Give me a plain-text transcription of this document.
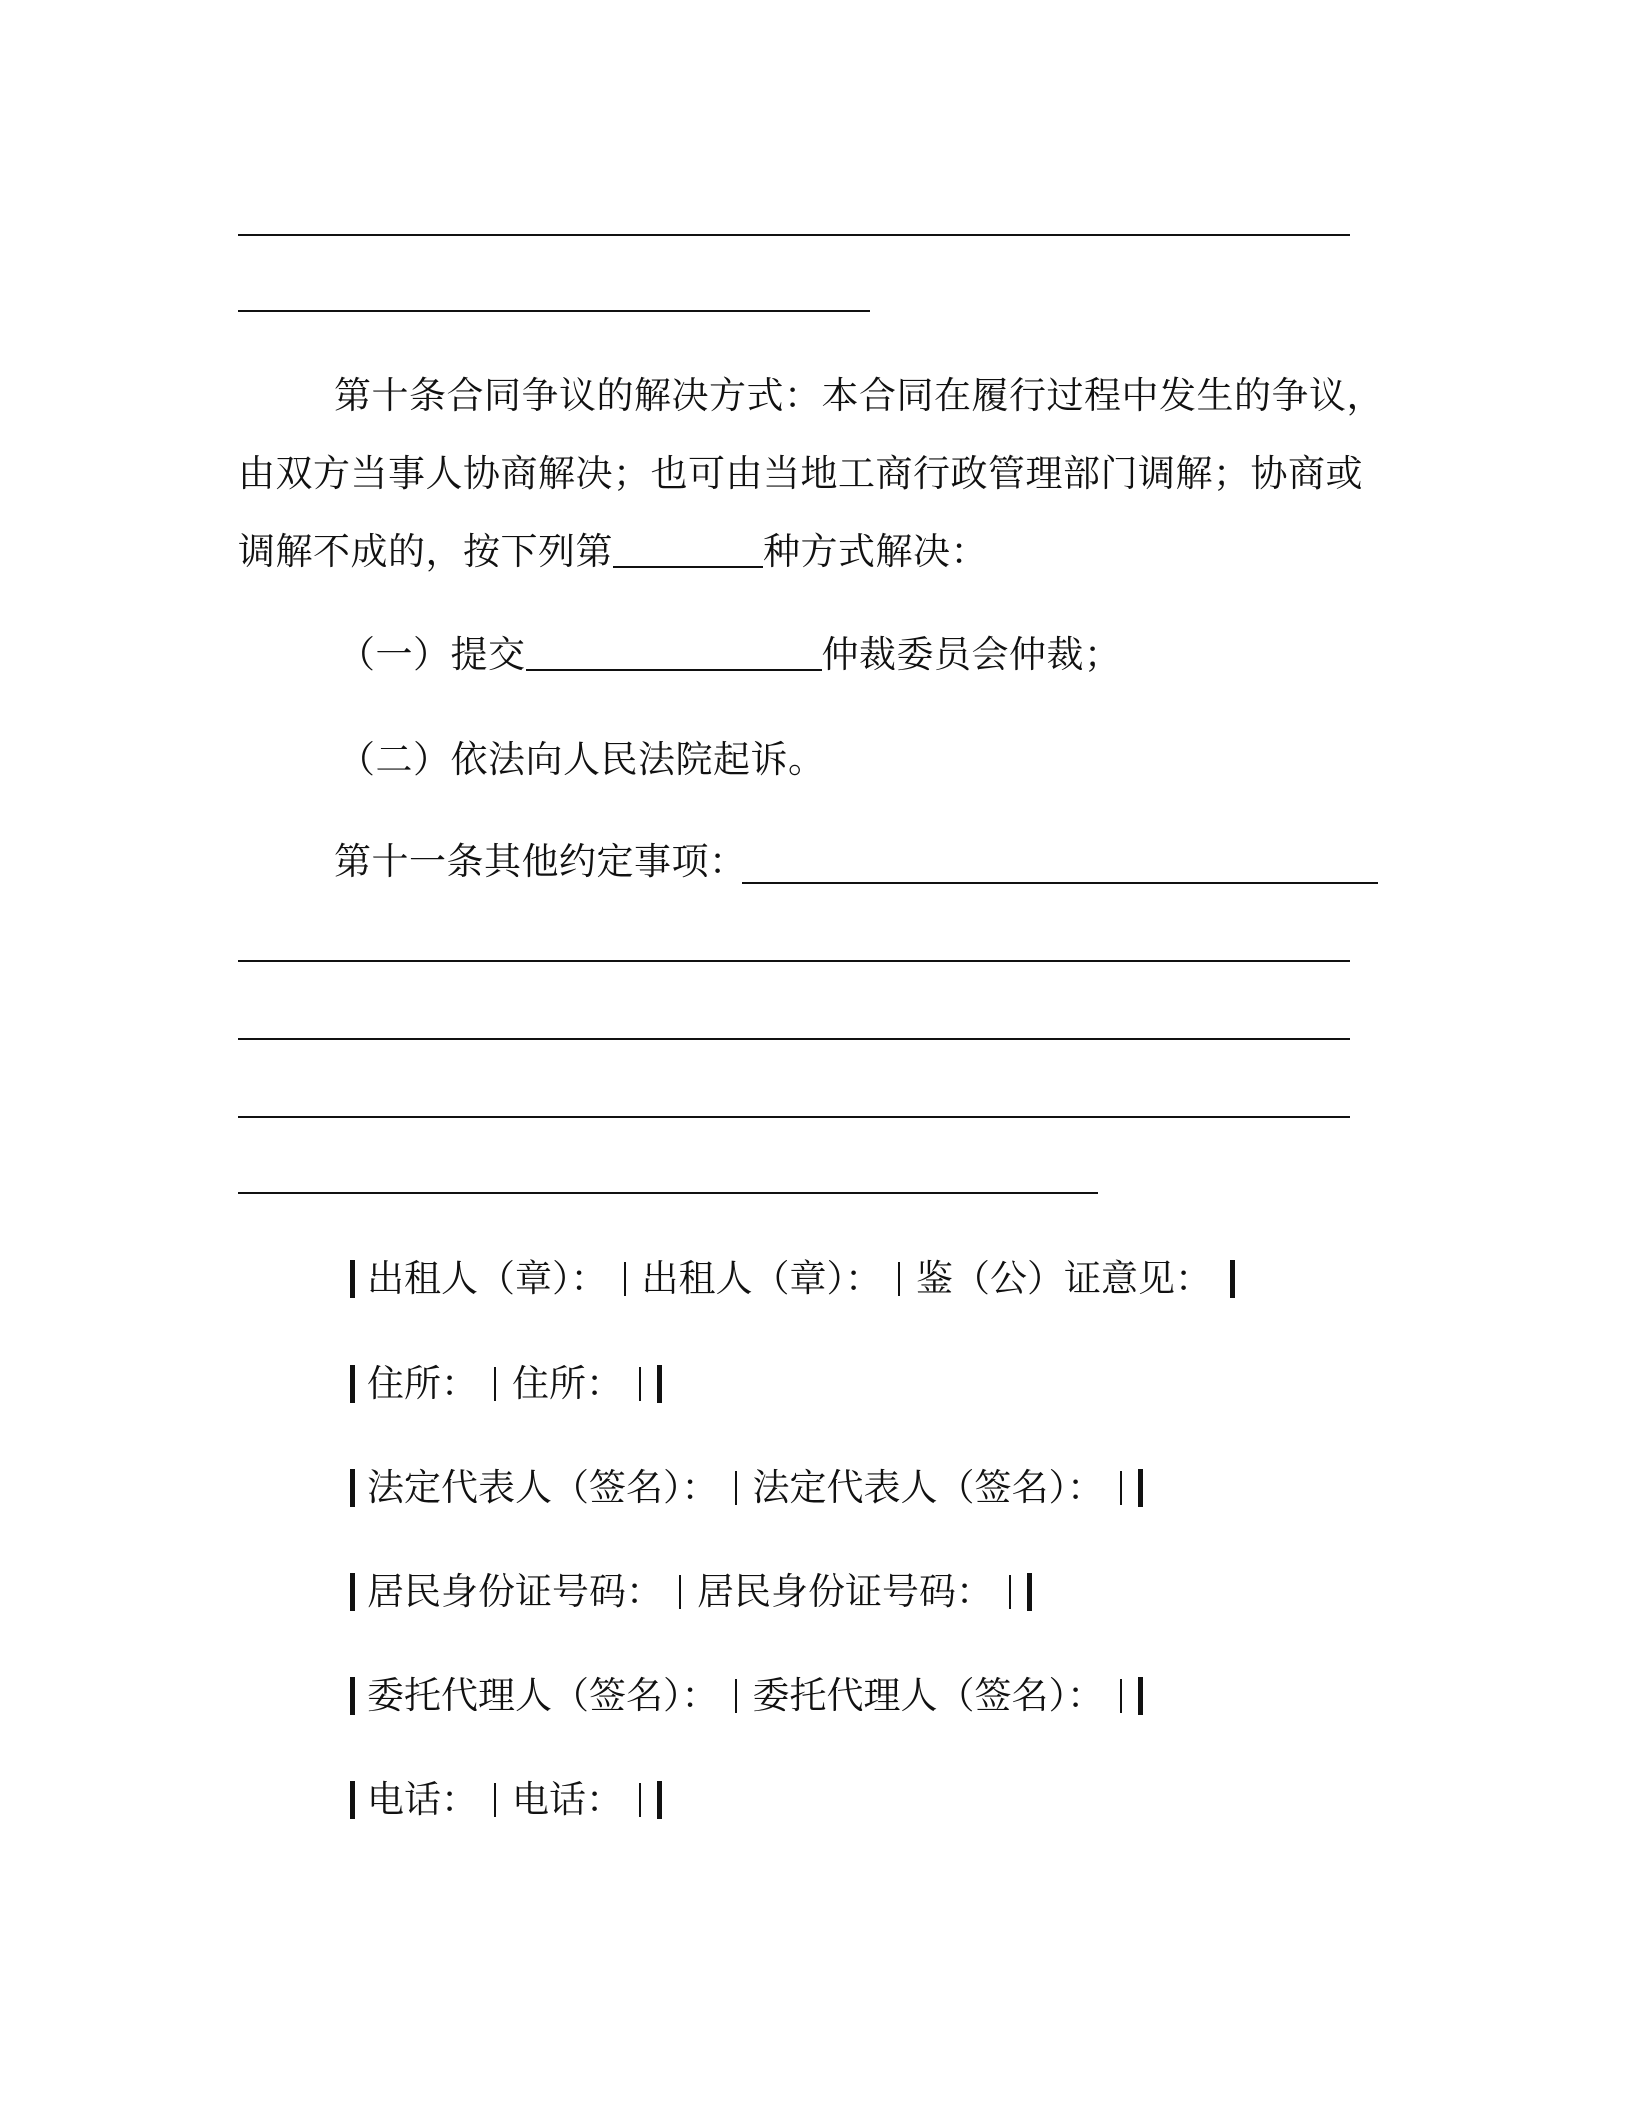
第十条合同争议的解决方式：本合同在履行过程中发生的争议，
由双方当事人协商解决；也可由当地工商行政管理部门调解；协商或
调解不成的，按下列第	种方式解决：
（一）提交	仲裁委员会仲裁；
（二）依法向人民法院起诉。
第十一条其他约定事项：
出租人（章）： 出租人（章）： 鉴（公）证意见：
住所： 住所：
法定代表人（签名）： 法定代表人（签名）：
居民身份证号码： 居民身份证号码：
委托代理人（签名）： 委托代理人（签名）：
电话： 电话：
